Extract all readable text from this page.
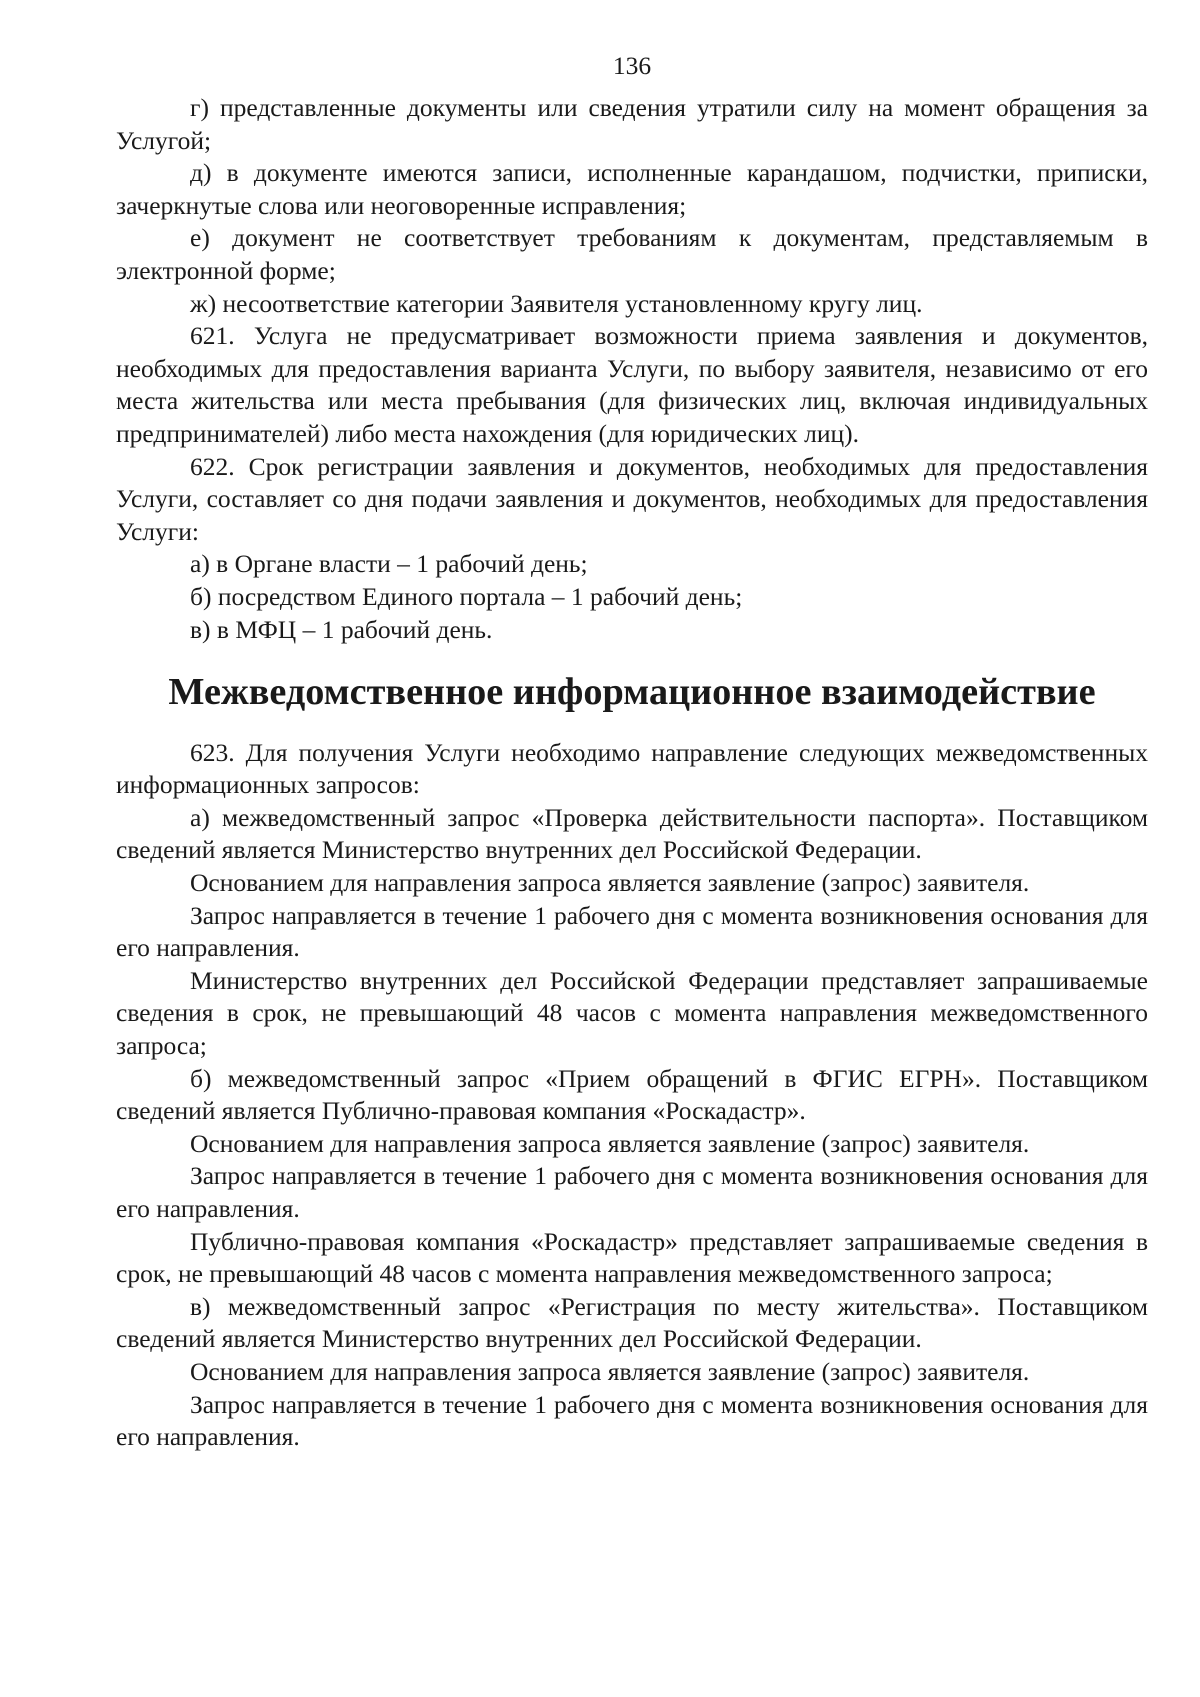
136

г) представленные документы или сведения утратили силу на момент обращения за Услугой;

д) в документе имеются записи, исполненные карандашом, подчистки, приписки, зачеркнутые слова или неоговоренные исправления;

е) документ не соответствует требованиям к документам, представляемым в электронной форме;

ж) несоответствие категории Заявителя установленному кругу лиц.

621. Услуга не предусматривает возможности приема заявления и документов, необходимых для предоставления варианта Услуги, по выбору заявителя, независимо от его места жительства или места пребывания (для физических лиц, включая индивидуальных предпринимателей) либо места нахождения (для юридических лиц).

622. Срок регистрации заявления и документов, необходимых для предоставления Услуги, составляет со дня подачи заявления и документов, необходимых для предоставления Услуги:

а) в Органе власти – 1 рабочий день;

б) посредством Единого портала – 1 рабочий день;

в) в МФЦ – 1 рабочий день.

Межведомственное информационное взаимодействие

623. Для получения Услуги необходимо направление следующих межведомственных информационных запросов:

а) межведомственный запрос «Проверка действительности паспорта». Поставщиком сведений является Министерство внутренних дел Российской Федерации.

Основанием для направления запроса является заявление (запрос) заявителя.

Запрос направляется в течение 1 рабочего дня с момента возникновения основания для его направления.

Министерство внутренних дел Российской Федерации представляет запрашиваемые сведения в срок, не превышающий 48 часов с момента направления межведомственного запроса;

б) межведомственный запрос «Прием обращений в ФГИС ЕГРН». Поставщиком сведений является Публично-правовая компания «Роскадастр».

Основанием для направления запроса является заявление (запрос) заявителя.

Запрос направляется в течение 1 рабочего дня с момента возникновения основания для его направления.

Публично-правовая компания «Роскадастр» представляет запрашиваемые сведения в срок, не превышающий 48 часов с момента направления межведомственного запроса;

в) межведомственный запрос «Регистрация по месту жительства». Поставщиком сведений является Министерство внутренних дел Российской Федерации.

Основанием для направления запроса является заявление (запрос) заявителя.

Запрос направляется в течение 1 рабочего дня с момента возникновения основания для его направления.
